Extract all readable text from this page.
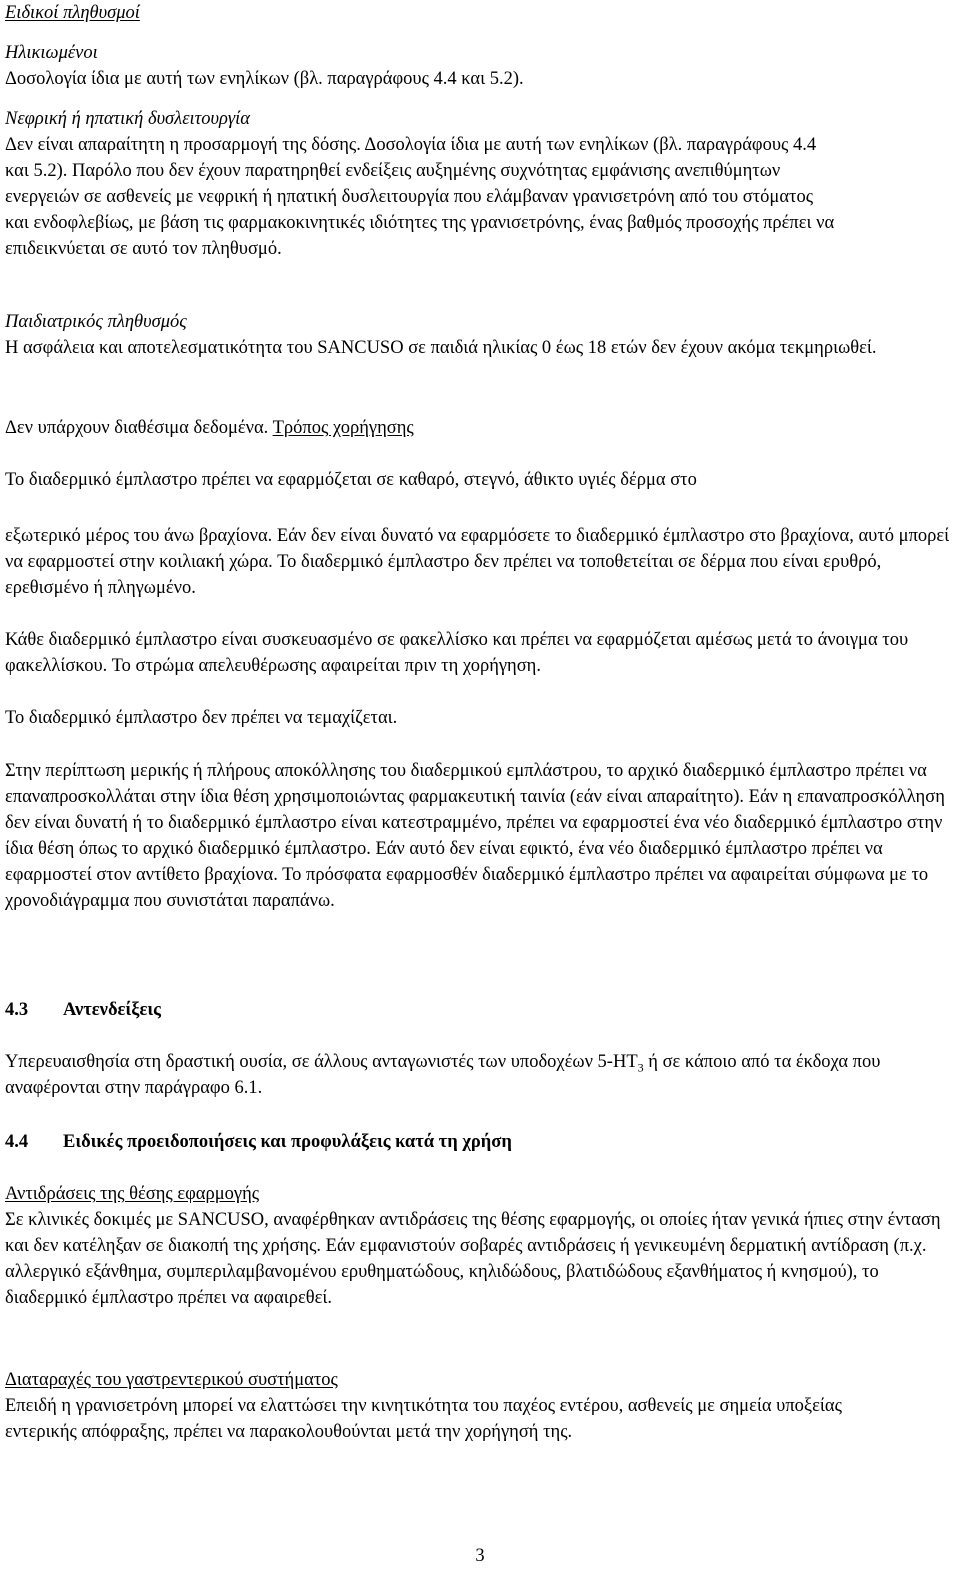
Ειδικοί πληθυσμοί

Ηλικιωμένοι

Δοσολογία ίδια με αυτή των ενηλίκων (βλ. παραγράφους 4.4 και 5.2).

Νεφρική ή ηπατική δυσλειτουργία

Δεν είναι απαραίτητη η προσαρμογή της δόσης. Δοσολογία ίδια με αυτή των ενηλίκων (βλ. παραγράφους 4.4 και 5.2). Παρόλο που δεν έχουν παρατηρηθεί ενδείξεις αυξημένης συχνότητας εμφάνισης ανεπιθύμητων ενεργειών σε ασθενείς με νεφρική ή ηπατική δυσλειτουργία που ελάμβαναν γρανισετρόνη από του στόματος και ενδοφλεβίως, με βάση τις φαρμακοκινητικές ιδιότητες της γρανισετρόνης, ένας βαθμός προσοχής πρέπει να επιδεικνύεται σε αυτό τον πληθυσμό.

Παιδιατρικός πληθυσμός

Η ασφάλεια και αποτελεσματικότητα του SANCUSO σε παιδιά ηλικίας 0 έως 18 ετών δεν έχουν ακόμα τεκμηριωθεί.

Δεν υπάρχουν διαθέσιμα δεδομένα. Τρόπος χορήγησης

Το διαδερμικό έμπλαστρο πρέπει να εφαρμόζεται σε καθαρό, στεγνό, άθικτο υγιές δέρμα στο

εξωτερικό μέρος του άνω βραχίονα. Εάν δεν είναι δυνατό να εφαρμόσετε το διαδερμικό έμπλαστρο στο βραχίονα, αυτό μπορεί να εφαρμοστεί στην κοιλιακή χώρα. Το διαδερμικό έμπλαστρο δεν πρέπει να τοποθετείται σε δέρμα που είναι ερυθρό, ερεθισμένο ή πληγωμένο.

Κάθε διαδερμικό έμπλαστρο είναι συσκευασμένο σε φακελλίσκο και πρέπει να εφαρμόζεται αμέσως μετά το άνοιγμα του φακελλίσκου. Το στρώμα απελευθέρωσης αφαιρείται πριν τη χορήγηση.

Το διαδερμικό έμπλαστρο δεν πρέπει να τεμαχίζεται.

Στην περίπτωση μερικής ή πλήρους αποκόλλησης του διαδερμικού εμπλάστρου, το αρχικό διαδερμικό έμπλαστρο πρέπει να επαναπροσκολλάται στην ίδια θέση χρησιμοποιώντας φαρμακευτική ταινία (εάν είναι απαραίτητο). Εάν η επαναπροσκόλληση δεν είναι δυνατή ή το διαδερμικό έμπλαστρο είναι κατεστραμμένο, πρέπει να εφαρμοστεί ένα νέο διαδερμικό έμπλαστρο στην ίδια θέση όπως το αρχικό διαδερμικό έμπλαστρο. Εάν αυτό δεν είναι εφικτό, ένα νέο διαδερμικό έμπλαστρο πρέπει να εφαρμοστεί στον αντίθετο βραχίονα. Το πρόσφατα εφαρμοσθέν διαδερμικό έμπλαστρο πρέπει να αφαιρείται σύμφωνα με το χρονοδιάγραμμα που συνιστάται παραπάνω.

4.3 Αντενδείξεις

Υπερευαισθησία στη δραστική ουσία, σε άλλους ανταγωνιστές των υποδοχέων $5-HT_3$ ή σε κάποιο από τα έκδοχα που αναφέρονται στην παράγραφο 6.1.

4.4 Ειδικές προειδοποιήσεις και προφυλάξεις κατά τη χρήση

Αντιδράσεις της θέσης εφαρμογής

Σε κλινικές δοκιμές με SANCUSO, αναφέρθηκαν αντιδράσεις της θέσης εφαρμογής, οι οποίες ήταν γενικά ήπιες στην ένταση και δεν κατέληξαν σε διακοπή της χρήσης. Εάν εμφανιστούν σοβαρές αντιδράσεις ή γενικευμένη δερματική αντίδραση (π.χ. αλλεργικό εξάνθημα, συμπεριλαμβανομένου ερυθηματώδους, κηλιδώδους, βλατιδώδους εξανθήματος ή κνησμού), το διαδερμικό έμπλαστρο πρέπει να αφαιρεθεί.

Διαταραχές του γαστρεντερικού συστήματος

Επειδή η γρανισετρόνη μπορεί να ελαττώσει την κινητικότητα του παχέος εντέρου, ασθενείς με σημεία υποξείας εντερικής απόφραξης, πρέπει να παρακολουθούνται μετά την χορήγησή της.

3
